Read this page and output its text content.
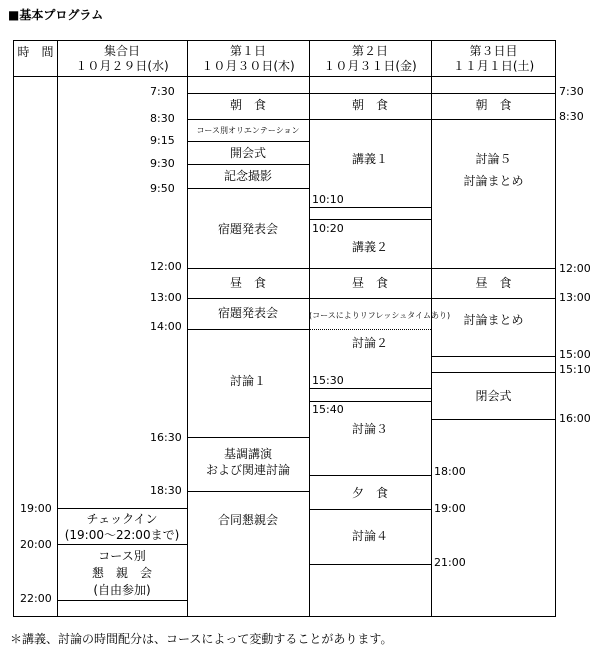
■基本プログラム
時　間	集合日
１０月２９日(水)
第１日
１０月３０日(木)
第２日
１０月３１日(金)
第３日目
１１月１日(土)
7:30
8:30
9:15
9:30
9:50
12:00
13:00
14:00
16:30
18:30
19:00
20:00
22:00
チェックイン
(19:00〜22:00まで)
コース別
懇　親　会
(自由参加)
朝　食
コース別オリエンテーション
開会式
記念撮影
宿題発表会
昼　食
宿題発表会
討論１
基調講演
および関連討論
合同懇親会
朝　食
講義１
10:10
10:20
講義２
昼　食
(コースによりリフレッシュタイムあり)
討論２
15:30
15:40
討論３
夕　食
討論４
朝　食
討論５
討論まとめ
昼　食
討論まとめ
閉会式
18:00
19:00
21:00
7:30
8:30
12:00
13:00
15:00
15:10
16:00
＊講義、討論の時間配分は、コースによって変動することがあります。
